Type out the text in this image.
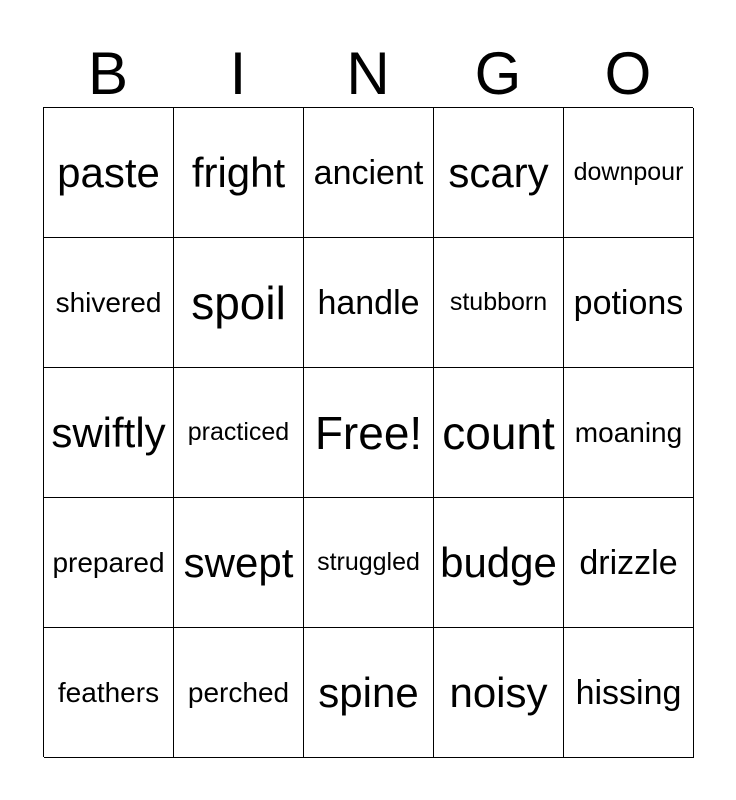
B	I	N	G	O
paste fright ancient scary downpour
shivered spoil handle	stubborn potions
swiftly practiced Free! count moaning
prepared swept struggled budge drizzle
feathers	perched spine noisy hissing
